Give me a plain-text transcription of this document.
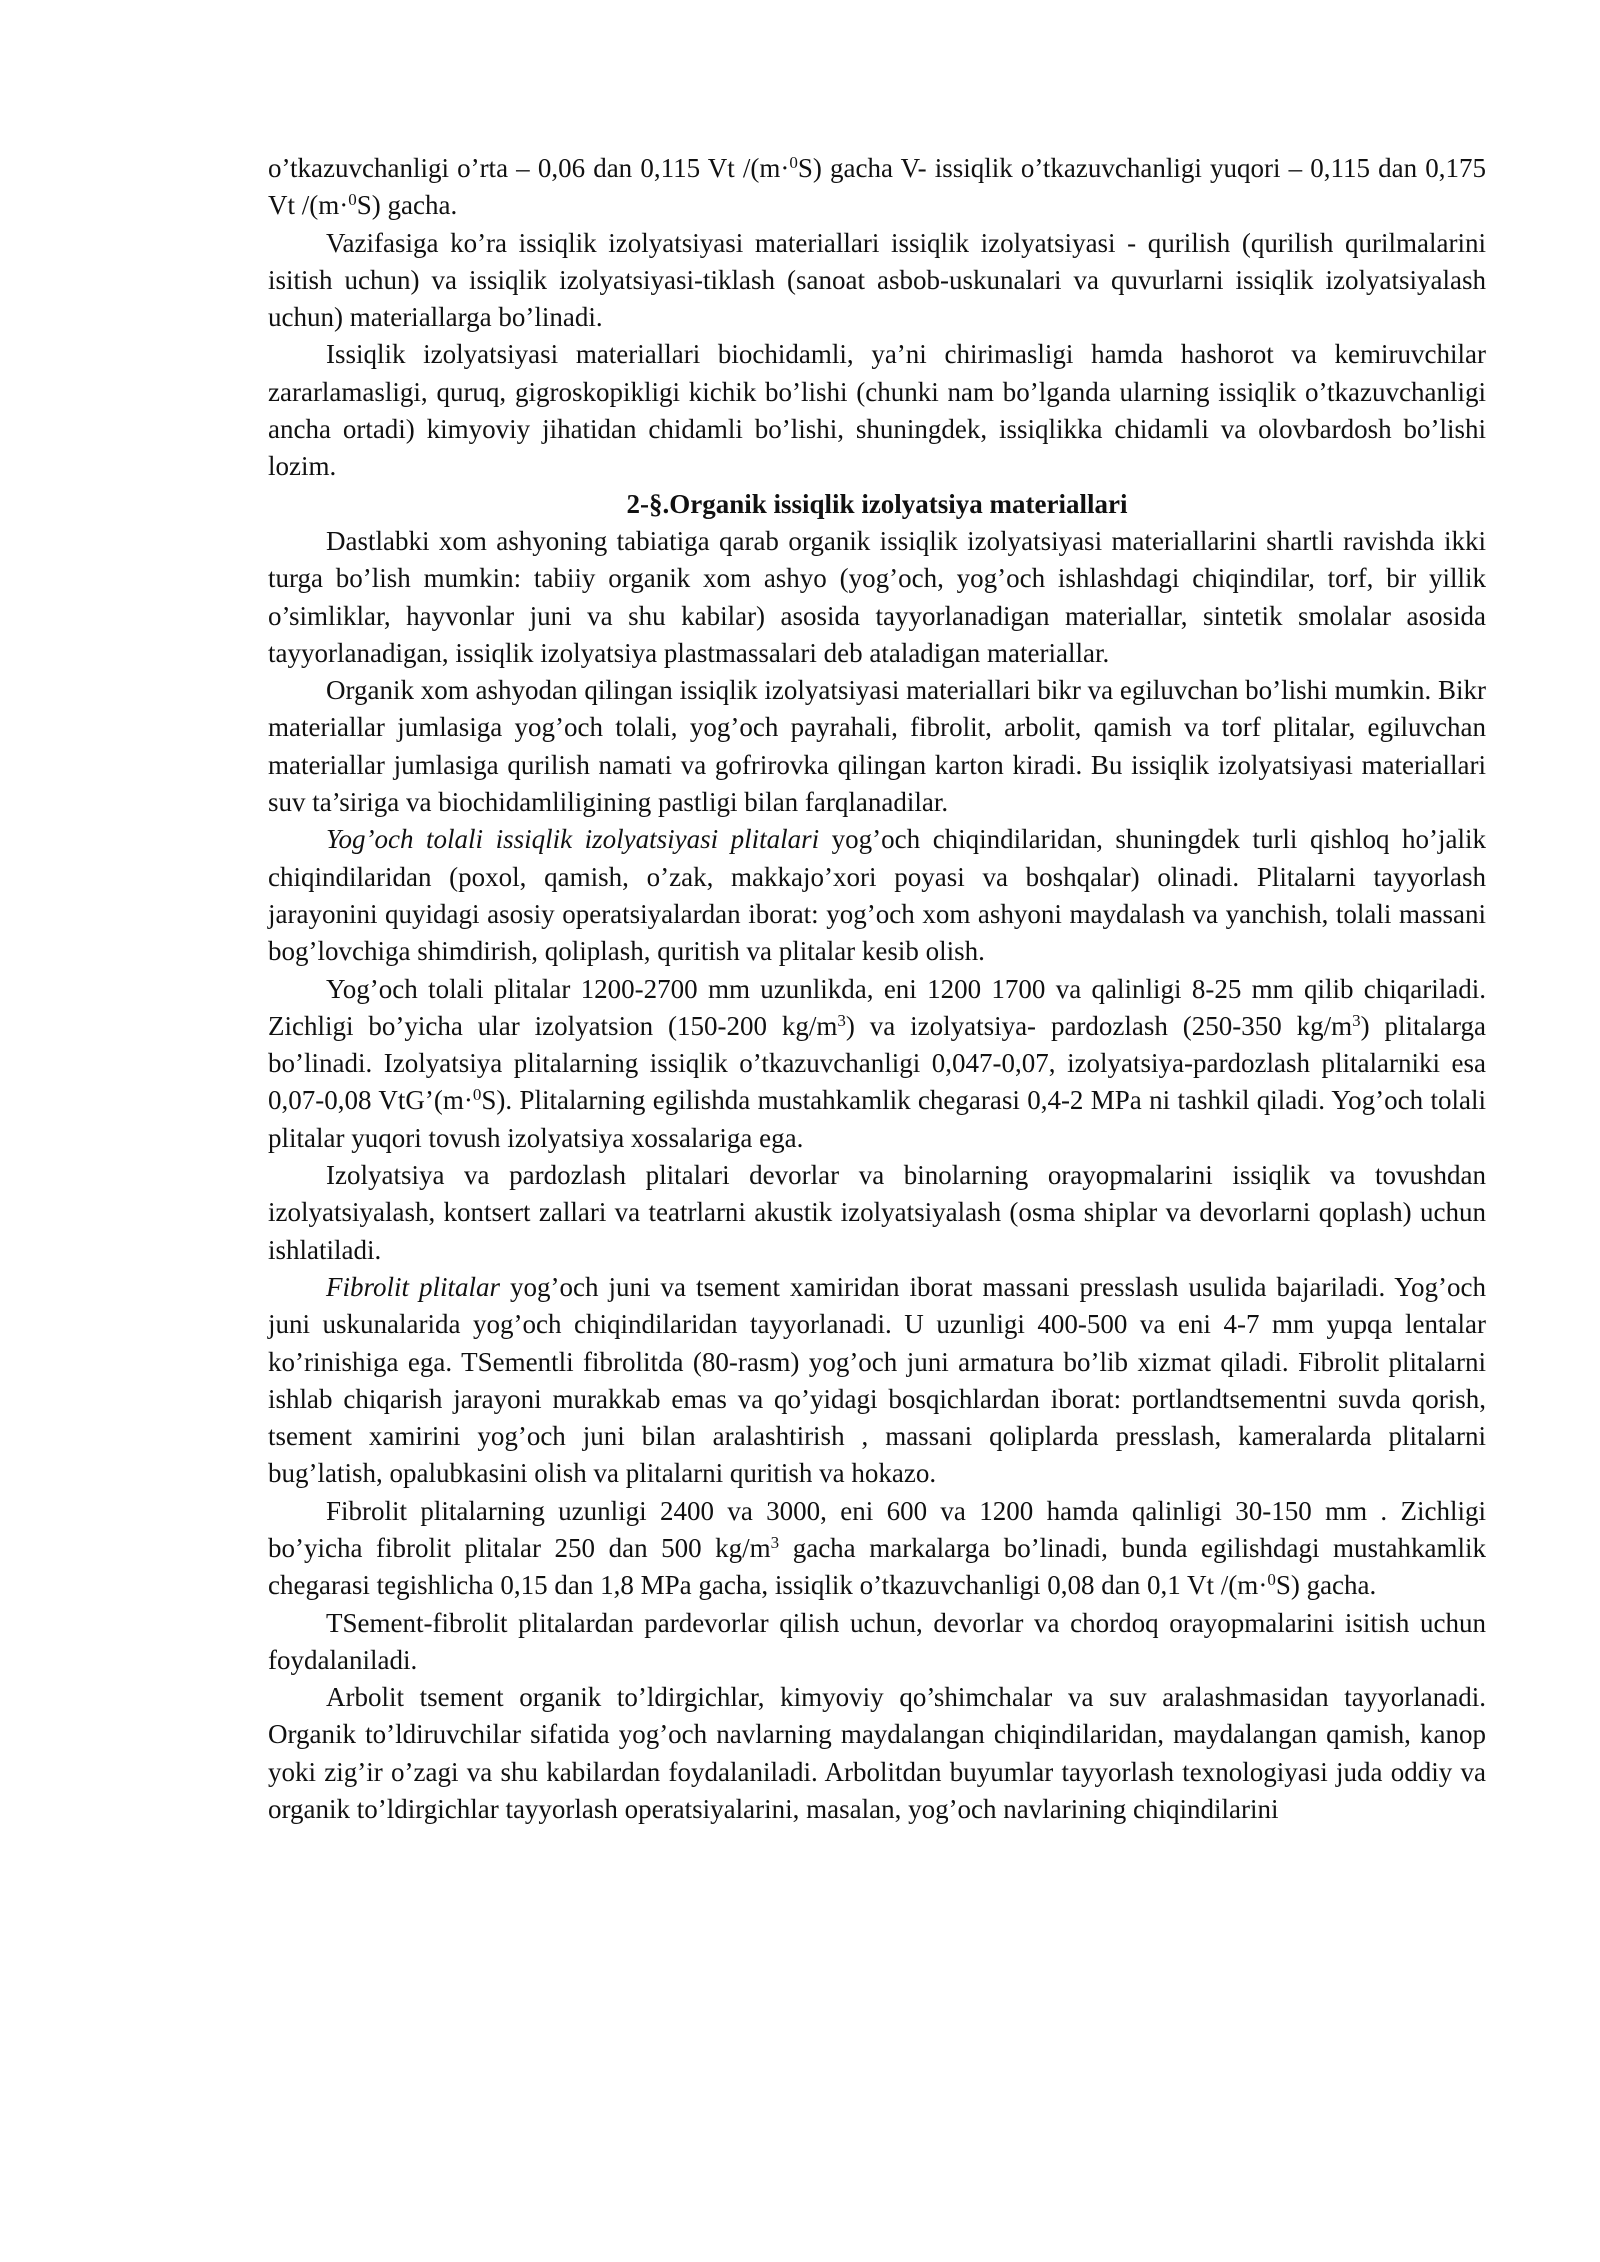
o’tkazuvchanligi o’rta – 0,06 dan 0,115 Vt /(m·$^0$S) gacha V- issiqlik o’tkazuvchanligi yuqori – 0,115 dan 0,175 Vt /(m·$^0$S) gacha.

Vazifasiga ko’ra issiqlik izolyatsiyasi materiallari issiqlik izolyatsiyasi - qurilish (qurilish qurilmalarini isitish uchun) va issiqlik izolyatsiyasi-tiklash (sanoat asbob-uskunalari va quvurlarni issiqlik izolyatsiyalash uchun) materiallarga bo’linadi.

Issiqlik izolyatsiyasi materiallari biochidamli, ya’ni chirimasligi hamda hashorot va kemiruvchilar zararlamasligi, quruq, gigroskopikligi kichik bo’lishi (chunki nam bo’lganda ularning issiqlik o’tkazuvchanligi ancha ortadi) kimyoviy jihatidan chidamli bo’lishi, shuningdek, issiqlikka chidamli va olovbardosh bo’lishi lozim.

2-§.Organik issiqlik izolyatsiya materiallari

Dastlabki xom ashyoning tabiatiga qarab organik issiqlik izolyatsiyasi materiallarini shartli ravishda ikki turga bo’lish mumkin: tabiiy organik xom ashyo (yog’och, yog’och ishlashdagi chiqindilar, torf, bir yillik o’simliklar, hayvonlar juni va shu kabilar) asosida tayyorlanadigan materiallar, sintetik smolalar asosida tayyorlanadigan, issiqlik izolyatsiya plastmassalari deb ataladigan materiallar.

Organik xom ashyodan qilingan issiqlik izolyatsiyasi materiallari bikr va egiluvchan bo’lishi mumkin. Bikr materiallar jumlasiga yog’och tolali, yog’och payrahali, fibrolit, arbolit, qamish va torf plitalar, egiluvchan materiallar jumlasiga qurilish namati va gofrirovka qilingan karton kiradi. Bu issiqlik izolyatsiyasi materiallari suv ta’siriga va biochidamliligining pastligi bilan farqlanadilar.

Yog’och tolali issiqlik izolyatsiyasi plitalari yog’och chiqindilaridan, shuningdek turli qishloq ho’jalik chiqindilaridan (poxol, qamish, o’zak, makkajo’xori poyasi va boshqalar) olinadi. Plitalarni tayyorlash jarayonini quyidagi asosiy operatsiyalardan iborat: yog’och xom ashyoni maydalash va yanchish, tolali massani bog’lovchiga shimdirish, qoliplash, quritish va plitalar kesib olish.

Yog’och tolali plitalar 1200-2700 mm uzunlikda, eni 1200 1700 va qalinligi 8-25 mm qilib chiqariladi. Zichligi bo’yicha ular izolyatsion (150-200 $kg/m^3$) va izolyatsiya- pardozlash (250-350 $kg/m^3$) plitalarga bo’linadi. Izolyatsiya plitalarning issiqlik o’tkazuvchanligi 0,047-0,07, izolyatsiya-pardozlash plitalarniki esa 0,07-0,08 VtG’(m·$^0$S). Plitalarning egilishda mustahkamlik chegarasi 0,4-2 MPa ni tashkil qiladi. Yog’och tolali plitalar yuqori tovush izolyatsiya xossalariga ega.

Izolyatsiya va pardozlash plitalari devorlar va binolarning orayopmalarini issiqlik va tovushdan izolyatsiyalash, kontsert zallari va teatrlarni akustik izolyatsiyalash (osma shiplar va devorlarni qoplash) uchun ishlatiladi.

Fibrolit plitalar yog’och juni va tsement xamiridan iborat massani presslash usulida bajariladi. Yog’och juni uskunalarida yog’och chiqindilaridan tayyorlanadi. U uzunligi 400-500 va eni 4-7 mm yupqa lentalar ko’rinishiga ega. TSementli fibrolitda (80-rasm) yog’och juni armatura bo’lib xizmat qiladi. Fibrolit plitalarni ishlab chiqarish jarayoni murakkab emas va qo’yidagi bosqichlardan iborat: portlandtsementni suvda qorish, tsement xamirini yog’och juni bilan aralashtirish , massani qoliplarda presslash, kameralarda plitalarni bug’latish, opalubkasini olish va plitalarni quritish va hokazo.

Fibrolit plitalarning uzunligi 2400 va 3000, eni 600 va 1200 hamda qalinligi 30-150 mm . Zichligi bo’yicha fibrolit plitalar 250 dan 500 $kg/m^3$ gacha markalarga bo’linadi, bunda egilishdagi mustahkamlik chegarasi tegishlicha 0,15 dan 1,8 MPa gacha, issiqlik o’tkazuvchanligi 0,08 dan 0,1 Vt /(m·$^0$S) gacha.

TSement-fibrolit plitalardan pardevorlar qilish uchun, devorlar va chordoq orayopmalarini isitish uchun foydalaniladi.

Arbolit tsement organik to’ldirgichlar, kimyoviy qo’shimchalar va suv aralashmasidan tayyorlanadi. Organik to’ldiruvchilar sifatida yog’och navlarning maydalangan chiqindilaridan, maydalangan qamish, kanop yoki zig’ir o’zagi va shu kabilardan foydalaniladi. Arbolitdan buyumlar tayyorlash texnologiyasi juda oddiy va organik to’ldirgichlar tayyorlash operatsiyalarini, masalan, yog’och navlarining chiqindilarini
